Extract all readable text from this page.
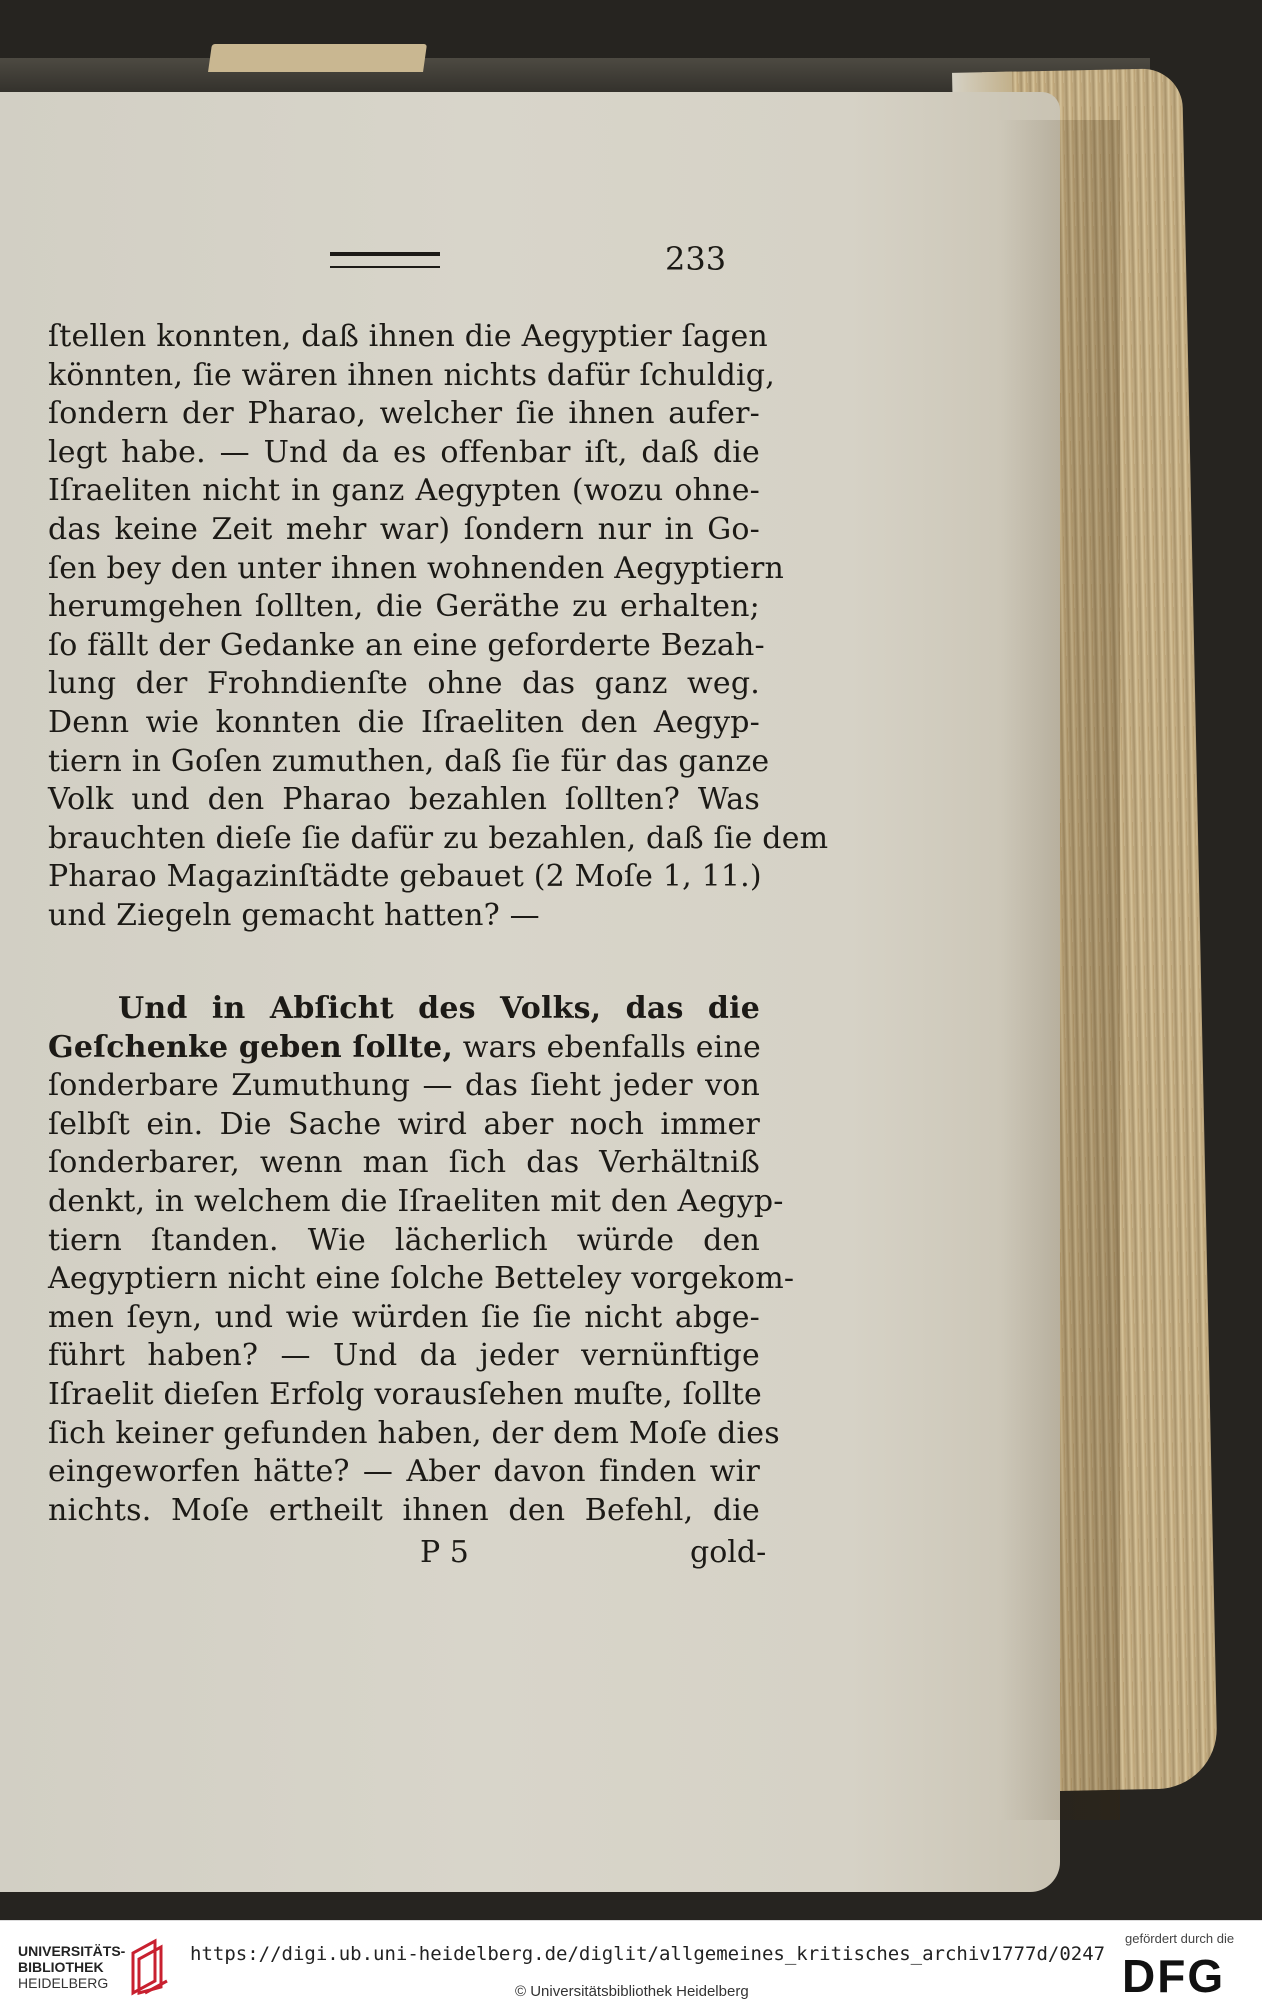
233
ſtellen konnten, daß ihnen die Aegyptier ſagen
könnten, ſie wären ihnen nichts dafür ſchuldig,
ſondern der Pharao, welcher ſie ihnen aufer-
legt habe. — Und da es offenbar iſt, daß die
Iſraeliten nicht in ganz Aegypten (wozu ohne-
das keine Zeit mehr war) ſondern nur in Go-
ſen bey den unter ihnen wohnenden Aegyptiern
herumgehen ſollten, die Geräthe zu erhalten;
ſo fällt der Gedanke an eine geforderte Bezah-
lung der Frohndienſte ohne das ganz weg.
Denn wie konnten die Iſraeliten den Aegyp-
tiern in Goſen zumuthen, daß ſie für das ganze
Volk und den Pharao bezahlen ſollten? Was
brauchten dieſe ſie dafür zu bezahlen, daß ſie dem
Pharao Magazinſtädte gebauet (2 Moſe 1, 11.)
und Ziegeln gemacht hatten? —
Und in Abſicht des Volks, das die
Geſchenke geben ſollte, wars ebenfalls eine
ſonderbare Zumuthung — das ſieht jeder von
ſelbſt ein. Die Sache wird aber noch immer
ſonderbarer, wenn man ſich das Verhältniß
denkt, in welchem die Iſraeliten mit den Aegyp-
tiern ſtanden. Wie lächerlich würde den
Aegyptiern nicht eine ſolche Betteley vorgekom-
men ſeyn, und wie würden ſie ſie nicht abge-
führt haben? — Und da jeder vernünftige
Iſraelit dieſen Erfolg vorausſehen muſte, ſollte
ſich keiner gefunden haben, der dem Moſe dies
eingeworfen hätte? — Aber davon finden wir
nichts. Moſe ertheilt ihnen den Befehl, die
P 5	gold-
UNIVERSITÄTS-
BIBLIOTHEK
HEIDELBERG
https://digi.ub.uni-heidelberg.de/diglit/allgemeines_kritisches_archiv1777d/0247
© Universitätsbibliothek Heidelberg
gefördert durch die
DFG
